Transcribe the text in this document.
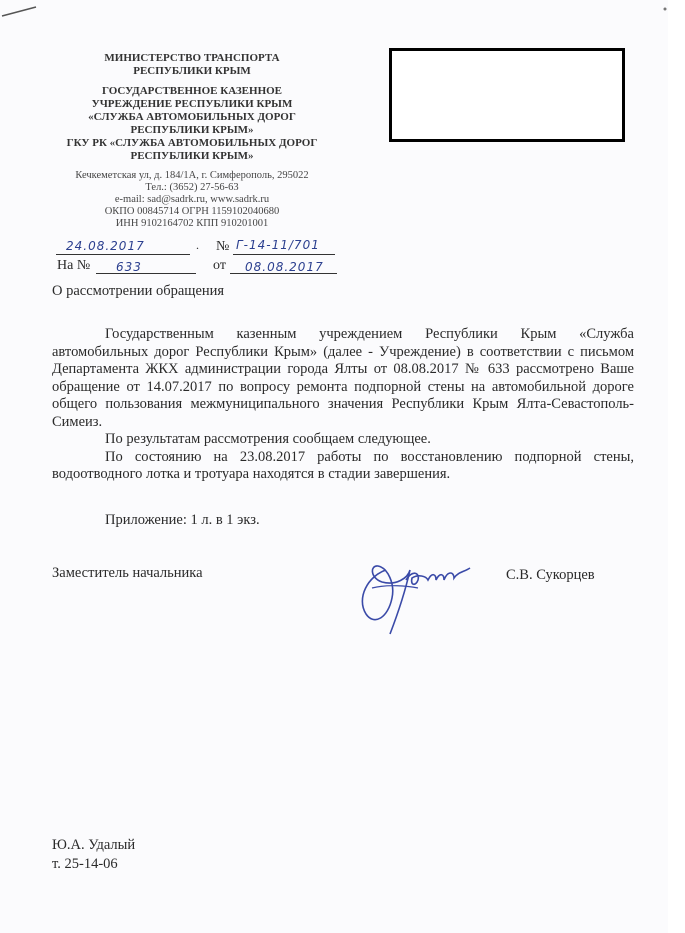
МИНИСТЕРСТВО ТРАНСПОРТА
РЕСПУБЛИКИ КРЫМ
ГОСУДАРСТВЕННОЕ КАЗЕННОЕ
УЧРЕЖДЕНИЕ РЕСПУБЛИКИ КРЫМ
«СЛУЖБА АВТОМОБИЛЬНЫХ ДОРОГ
РЕСПУБЛИКИ КРЫМ»
ГКУ РК «СЛУЖБА АВТОМОБИЛЬНЫХ ДОРОГ
РЕСПУБЛИКИ КРЫМ»
Кечкеметская ул, д. 184/1А, г. Симферополь, 295022
Тел.: (3652) 27-56-63
e-mail: sad@sadrk.ru, www.sadrk.ru
ОКПО 00845714 ОГРН 1159102040680
ИНН 9102164702 КПП 910201001
24.08.2017	. № Г-14-11/701
На № 633	от 08.08.2017
О рассмотрении обращения

Государственным казенным учреждением Республики Крым «Служба автомобильных дорог Республики Крым» (далее - Учреждение) в соответствии с письмом Департамента ЖКХ администрации города Ялты от 08.08.2017 № 633 рассмотрено Ваше обращение от 14.07.2017 по вопросу ремонта подпорной стены на автомобильной дороге общего пользования межмуниципального значения Республики Крым Ялта-Севастополь-Симеиз.

По результатам рассмотрения сообщаем следующее.

По состоянию на 23.08.2017 работы по восстановлению подпорной стены, водоотводного лотка и тротуара находятся в стадии завершения.

Приложение: 1 л. в 1 экз.
Заместитель начальника	С.В. Сукорцев
Ю.А. Удалый
т. 25-14-06
